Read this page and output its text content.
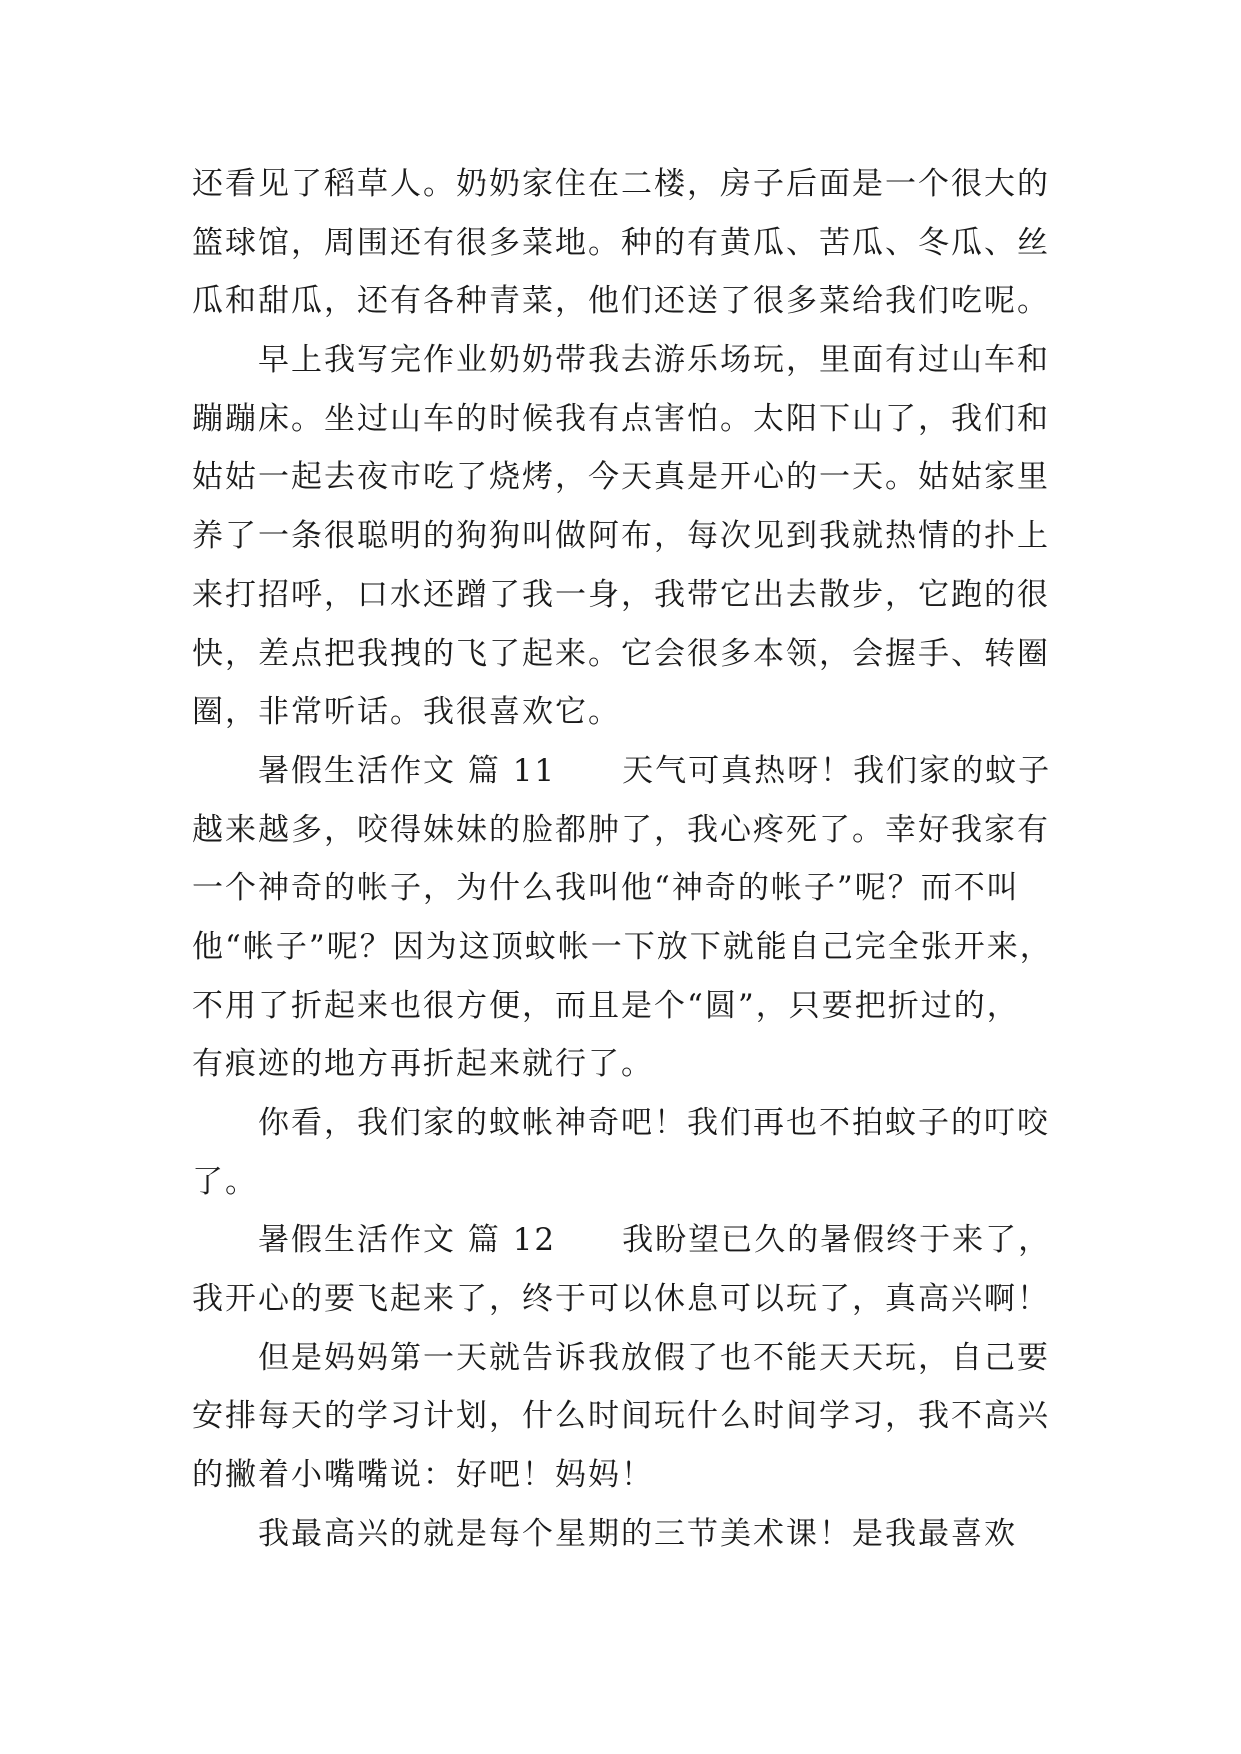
还看见了稻草人。奶奶家住在二楼，房子后面是一个很大的
篮球馆，周围还有很多菜地。种的有黄瓜、苦瓜、冬瓜、丝
瓜和甜瓜，还有各种青菜，他们还送了很多菜给我们吃呢。
早上我写完作业奶奶带我去游乐场玩，里面有过山车和
蹦蹦床。坐过山车的时候我有点害怕。太阳下山了，我们和
姑姑一起去夜市吃了烧烤，今天真是开心的一天。姑姑家里
养了一条很聪明的狗狗叫做阿布，每次见到我就热情的扑上
来打招呼，口水还蹭了我一身，我带它出去散步，它跑的很
快，差点把我拽的飞了起来。它会很多本领，会握手、转圈
圈，非常听话。我很喜欢它。
暑假生活作文 篇 11　　天气可真热呀！我们家的蚊子
越来越多，咬得妹妹的脸都肿了，我心疼死了。幸好我家有
一个神奇的帐子，为什么我叫他“神奇的帐子”呢？而不叫
他“帐子”呢？因为这顶蚊帐一下放下就能自己完全张开来，
不用了折起来也很方便，而且是个“圆”，只要把折过的，
有痕迹的地方再折起来就行了。
你看，我们家的蚊帐神奇吧！我们再也不拍蚊子的叮咬
了。
暑假生活作文 篇 12　　我盼望已久的暑假终于来了，
我开心的要飞起来了，终于可以休息可以玩了，真高兴啊！
但是妈妈第一天就告诉我放假了也不能天天玩，自己要
安排每天的学习计划，什么时间玩什么时间学习，我不高兴
的撇着小嘴嘴说：好吧！妈妈！
我最高兴的就是每个星期的三节美术课！是我最喜欢
